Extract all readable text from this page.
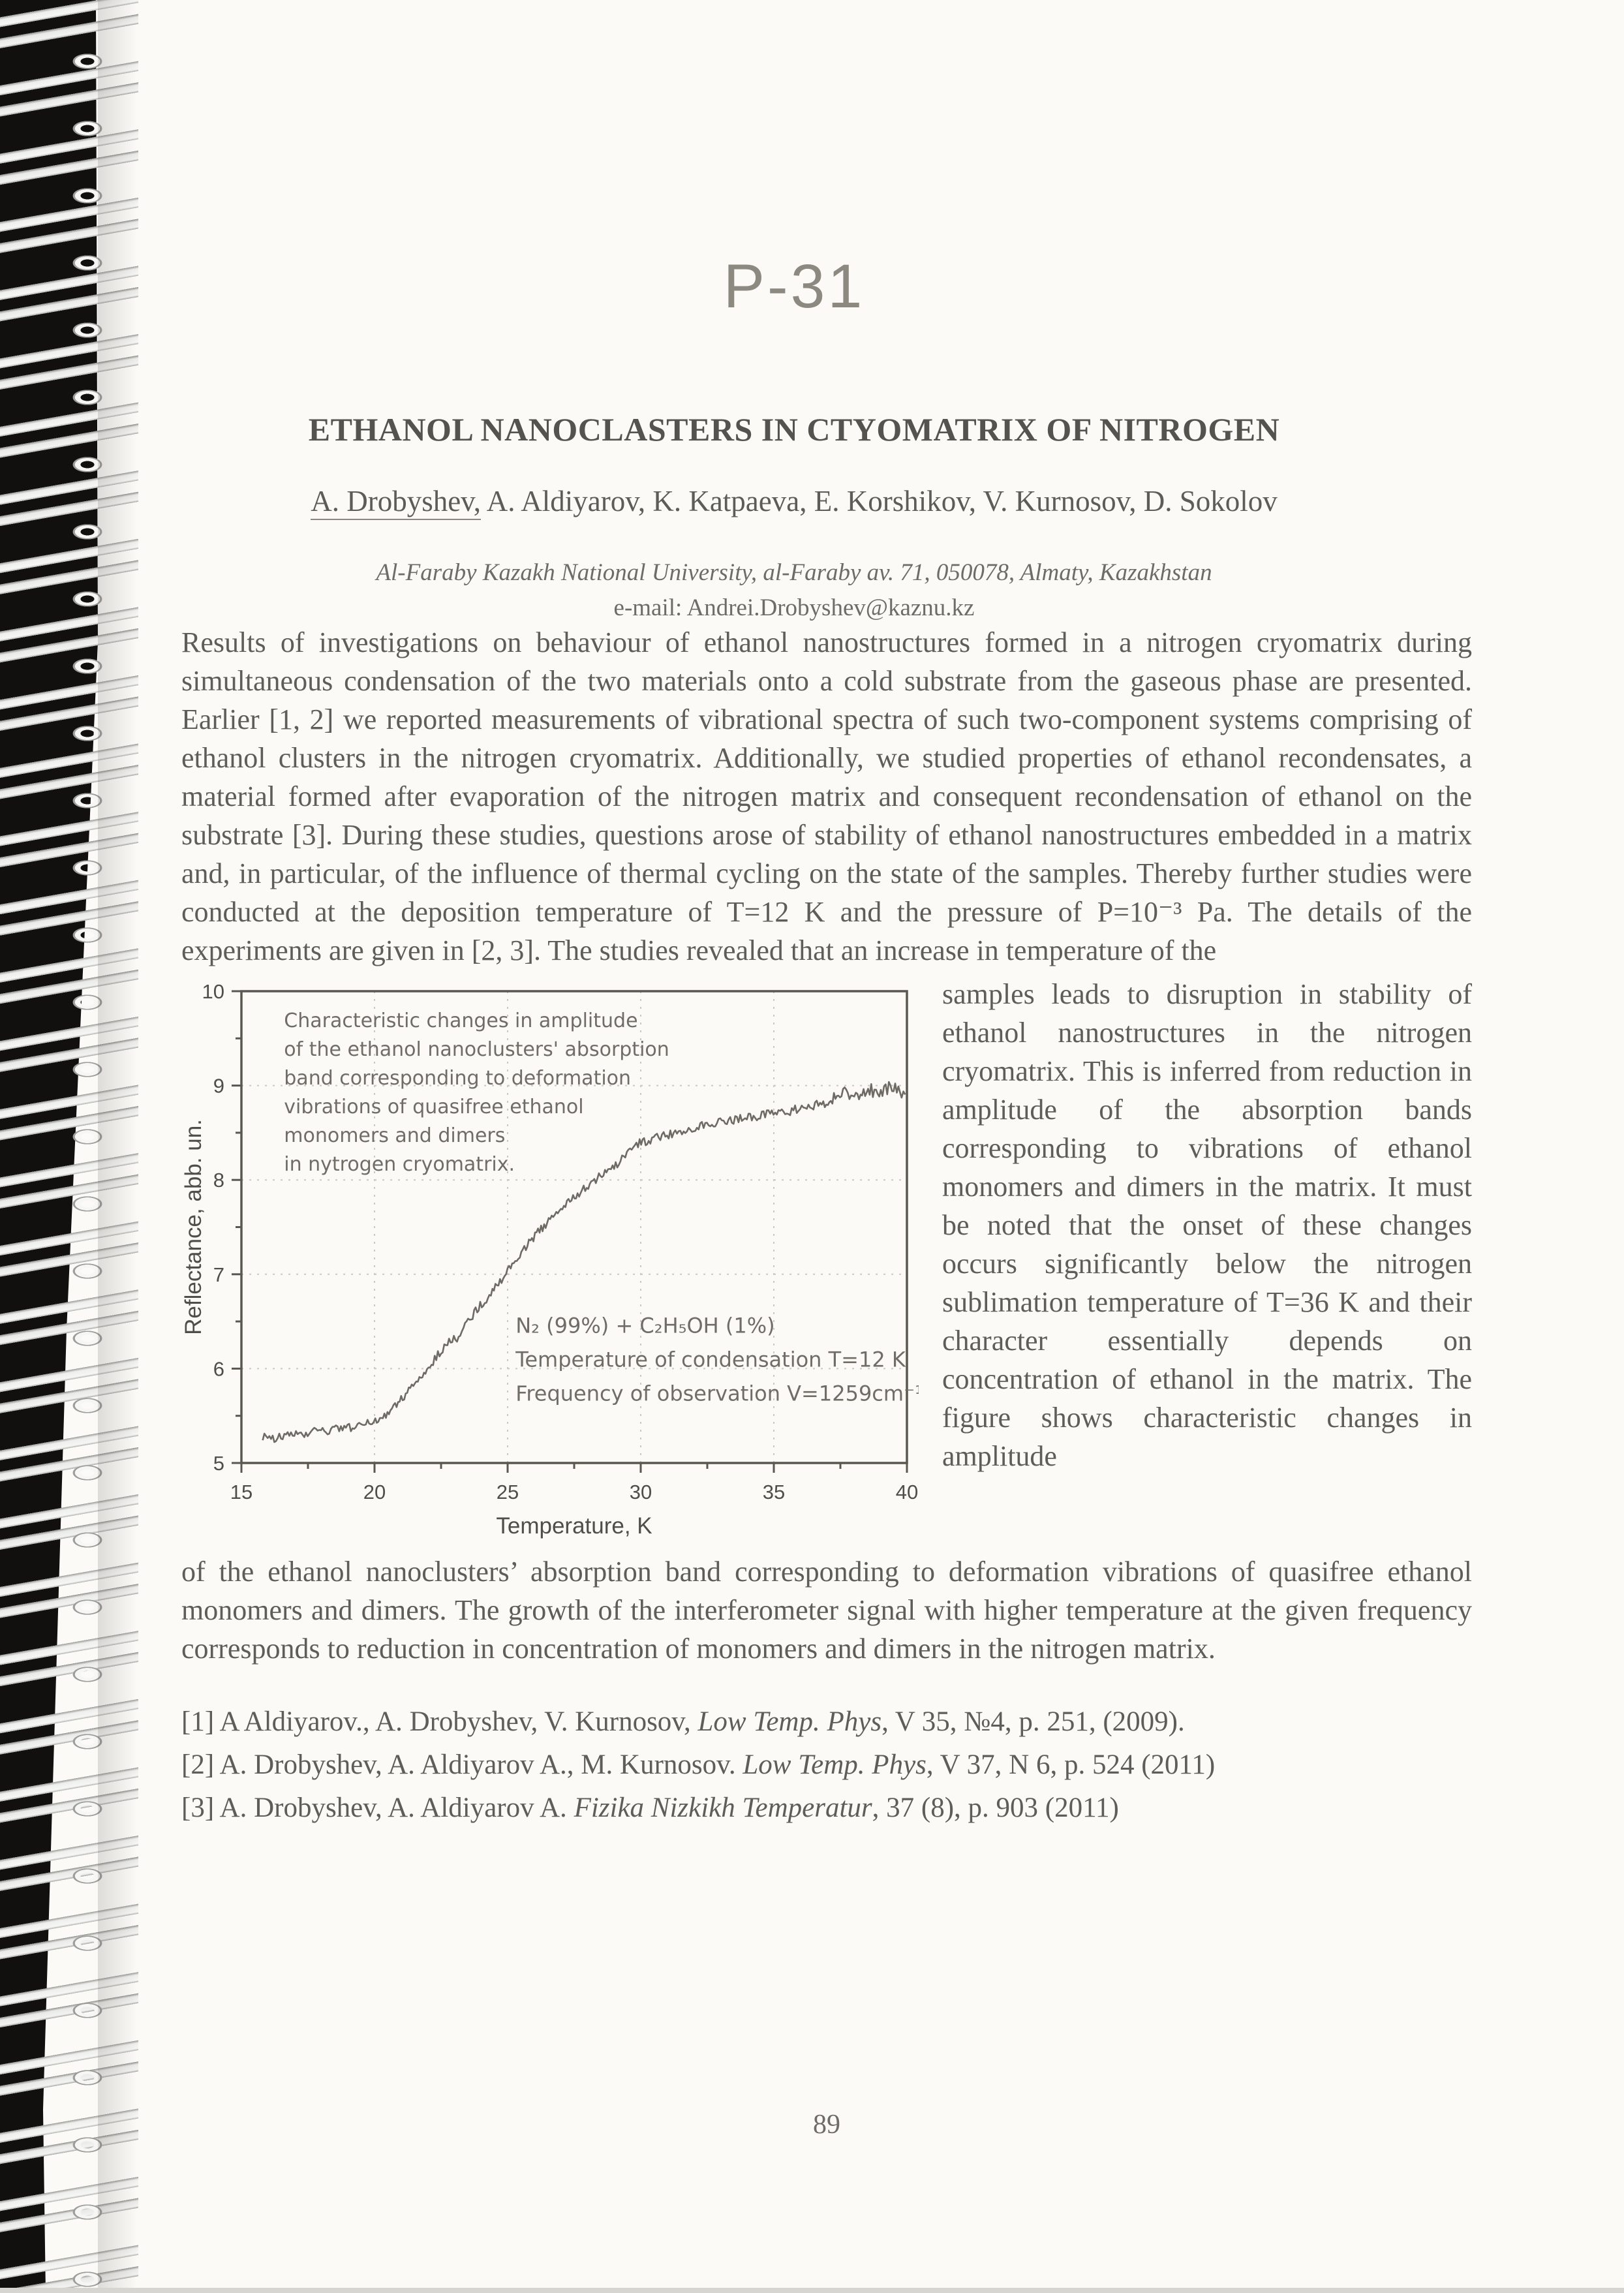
P-31
ETHANOL NANOCLASTERS IN CTYOMATRIX OF NITROGEN
A. Drobyshev, A. Aldiyarov, K. Katpaeva, E. Korshikov, V. Kurnosov, D. Sokolov
Al-Faraby Kazakh National University, al-Faraby av. 71, 050078, Almaty, Kazakhstan
e-mail: Andrei.Drobyshev@kaznu.kz

Results of investigations on behaviour of ethanol nanostructures formed in a nitrogen cryomatrix during simultaneous condensation of the two materials onto a cold substrate from the gaseous phase are presented. Earlier [1, 2] we reported measurements of vibrational spectra of such two-component systems comprising of ethanol clusters in the nitrogen cryomatrix. Additionally, we studied properties of ethanol recondensates, a material formed after evaporation of the nitrogen matrix and consequent recondensation of ethanol on the substrate [3]. During these studies, questions arose of stability of ethanol nanostructures embedded in a matrix and, in particular, of the influence of thermal cycling on the state of the samples. Thereby further studies were conducted at the deposition temperature of T=12 K and the pressure of P=10⁻³ Pa. The details of the experiments are given in [2, 3]. The studies revealed that an increase in temperature of the

15	20	25	30	35	40
5
6
7
8
9
10
Temperature, K
Reflectance, abb. un.
Characteristic changes in amplitude
of the ethanol nanoclusters' absorption
band corresponding to deformation
vibrations of quasifree ethanol
monomers and dimers
in nytrogen cryomatrix.
N₂ (99%) + C₂H₅OH (1%)
Temperature of condensation T=12 K
Frequency of observation V=1259cm⁻¹

samples leads to disruption in stability of ethanol nanostructures in the nitrogen cryomatrix. This is inferred from reduction in amplitude of the absorption bands corresponding to vibrations of ethanol monomers and dimers in the matrix. It must be noted that the onset of these changes occurs significantly below the nitrogen sublimation temperature of T=36 K and their character essentially depends on concentration of ethanol in the matrix. The figure shows characteristic changes in amplitude

of the ethanol nanoclusters’ absorption band corresponding to deformation vibrations of quasifree ethanol monomers and dimers. The growth of the interferometer signal with higher temperature at the given frequency corresponds to reduction in concentration of monomers and dimers in the nitrogen matrix.

[1] A Aldiyarov., A. Drobyshev, V. Kurnosov, Low Temp. Phys, V 35, №4, p. 251, (2009).

[2] A. Drobyshev, A. Aldiyarov A., M. Kurnosov. Low Temp. Phys, V 37, N 6, p. 524 (2011)

[3] A. Drobyshev, A. Aldiyarov A. Fizika Nizkikh Temperatur, 37 (8), p. 903 (2011)

89
